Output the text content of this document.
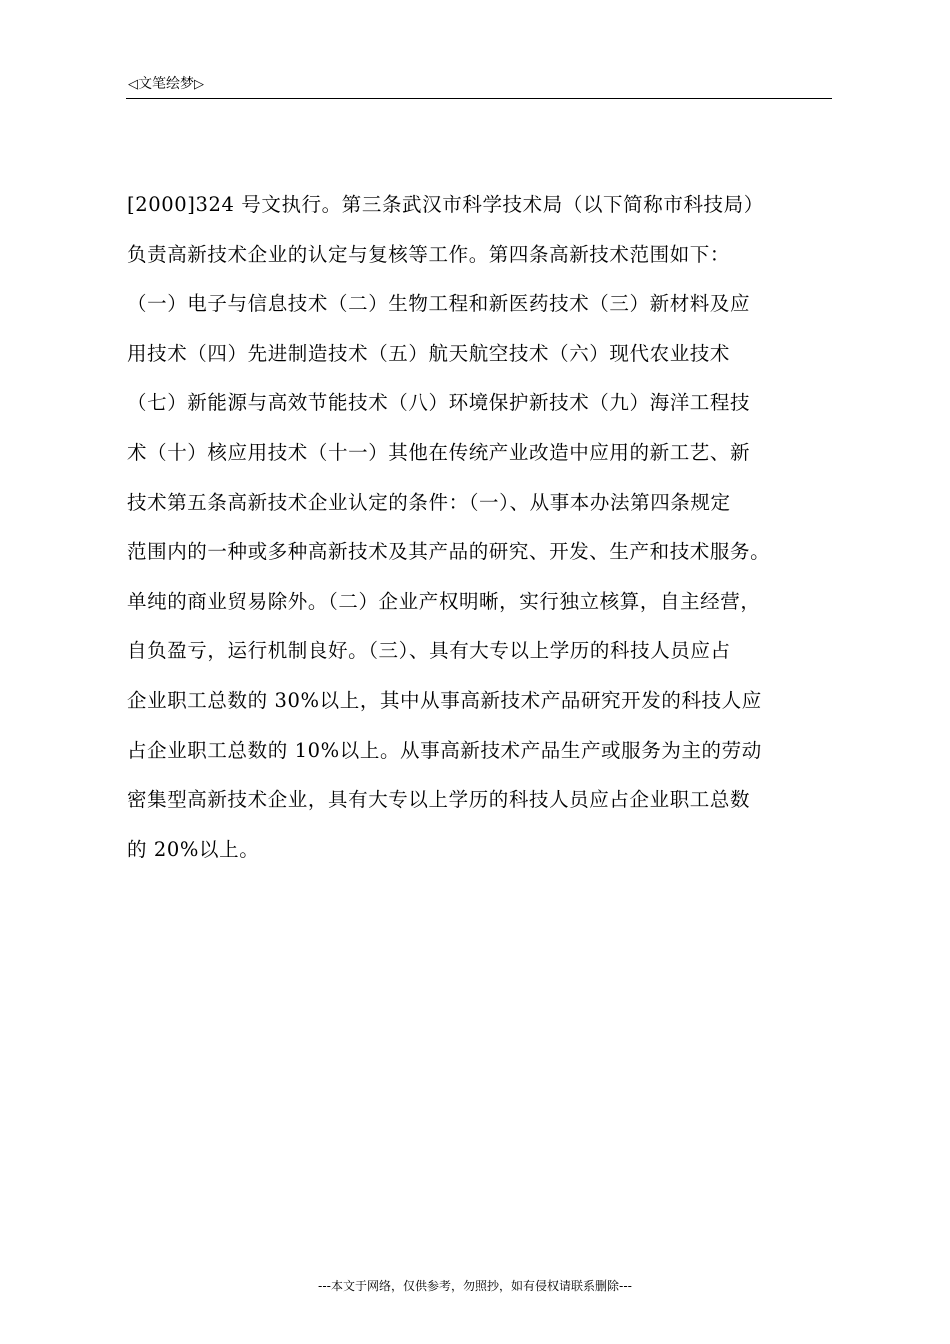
◁文笔绘梦▷
[2000]324 号文执行。第三条武汉市科学技术局（以下简称市科技局）
负责高新技术企业的认定与复核等工作。第四条高新技术范围如下：
（一）电子与信息技术（二）生物工程和新医药技术（三）新材料及应
用技术（四）先进制造技术（五）航天航空技术（六）现代农业技术
（七）新能源与高效节能技术（八）环境保护新技术（九）海洋工程技
术（十）核应用技术（十一）其他在传统产业改造中应用的新工艺、新
技术第五条高新技术企业认定的条件：（一）、从事本办法第四条规定
范围内的一种或多种高新技术及其产品的研究、开发、生产和技术服务。
单纯的商业贸易除外。（二）企业产权明晰，实行独立核算，自主经营，
自负盈亏，运行机制良好。（三）、具有大专以上学历的科技人员应占
企业职工总数的 30%以上，其中从事高新技术产品研究开发的科技人应
占企业职工总数的 10%以上。从事高新技术产品生产或服务为主的劳动
密集型高新技术企业，具有大专以上学历的科技人员应占企业职工总数
的 20%以上。
---本文于网络，仅供参考，勿照抄，如有侵权请联系删除---
